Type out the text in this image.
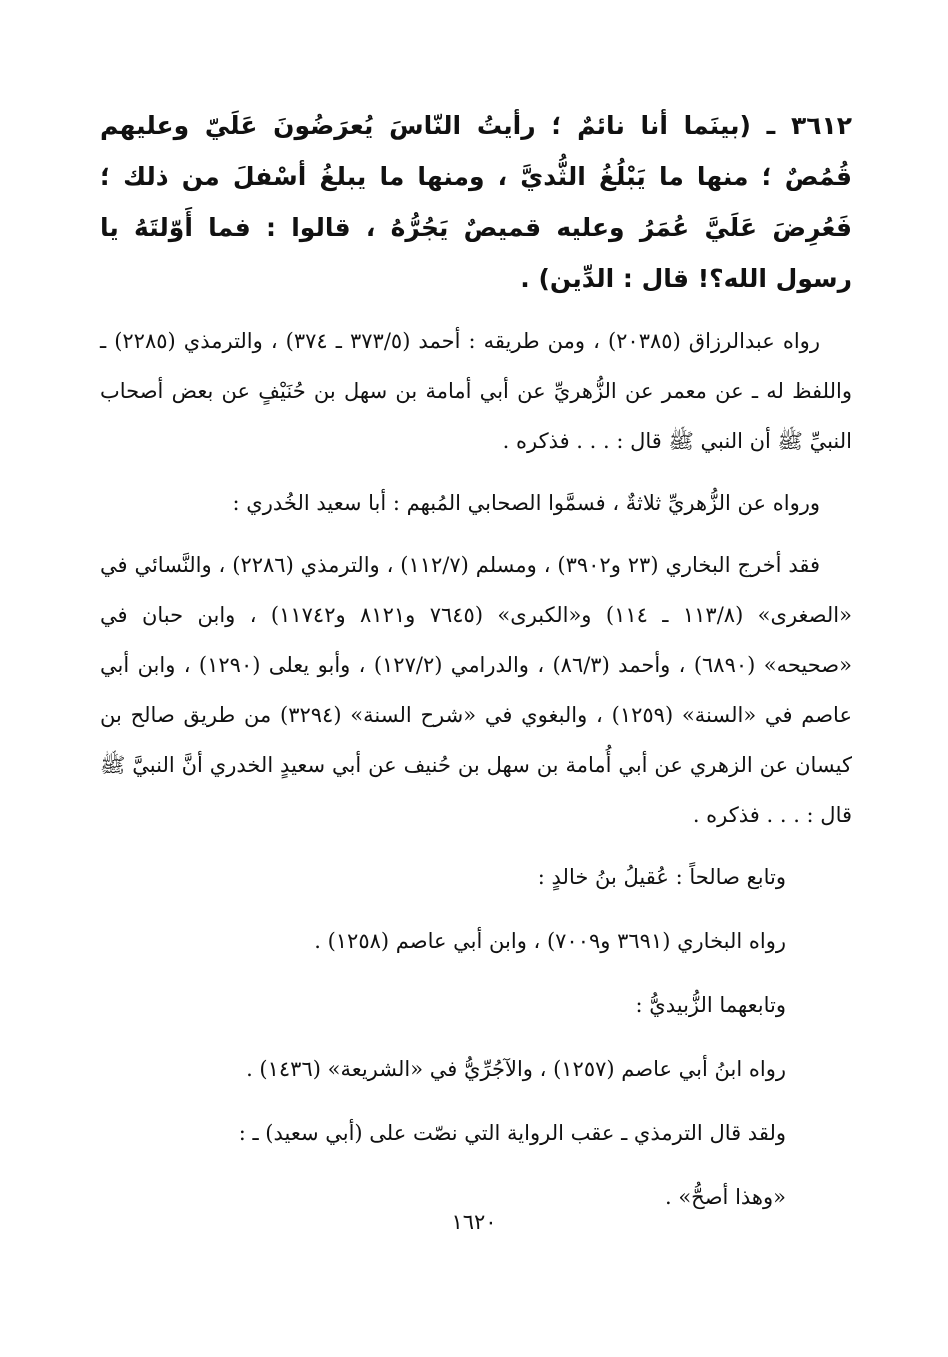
٣٦١٢ ـ (بينَما أنا نائمٌ ؛ رأيتُ النّاسَ يُعرَضُونَ عَلَيّ وعليهم قُمُصٌ ؛ منها ما يَبْلُغُ الثُّديَّ ، ومنها ما يبلغُ أسْفلَ من ذلك ؛ فَعُرِضَ عَلَيَّ عُمَرُ وعليه قميصٌ يَجُرُّهُ ، قالوا : فما أَوّلتَهُ يا رسول الله؟! قال : الدِّين) .

رواه عبدالرزاق (٢٠٣٨٥) ، ومن طريقه : أحمد (٣٧٣/٥ ـ ٣٧٤) ، والترمذي (٢٢٨٥) ـ واللفظ له ـ عن معمر عن الزُّهريِّ عن أبي أمامة بن سهل بن حُنَيْفٍ عن بعض أصحاب النبيِّ ﷺ أن النبي ﷺ قال : . . . فذكره .

ورواه عن الزُّهريِّ ثلاثةٌ ، فسمَّوا الصحابي المُبهم : أبا سعيد الخُدري :

فقد أخرج البخاري (٢٣ و٣٩٠٢) ، ومسلم (١١٢/٧) ، والترمذي (٢٢٨٦) ، والنَّسائي في «الصغرى» (١١٣/٨ ـ ١١٤) و«الكبرى» (٧٦٤٥ و٨١٢١ و١١٧٤٢) ، وابن حبان في «صحيحه» (٦٨٩٠) ، وأحمد (٨٦/٣) ، والدرامي (١٢٧/٢) ، وأبو يعلى (١٢٩٠) ، وابن أبي عاصم في «السنة» (١٢٥٩) ، والبغوي في «شرح السنة» (٣٢٩٤) من طريق صالح بن كيسان عن الزهري عن أبي أُمامة بن سهل بن حُنيف عن أبي سعيدٍ الخدري أنَّ النبيَّ ﷺ قال : . . . فذكره .

وتابع صالحاً : عُقيلُ بنُ خالدٍ :

رواه البخاري (٣٦٩١ و٧٠٠٩) ، وابن أبي عاصم (١٢٥٨) .

وتابعهما الزُّبيديُّ :

رواه ابنُ أبي عاصم (١٢٥٧) ، والآجُرِّيُّ في «الشريعة» (١٤٣٦) .

ولقد قال الترمذي ـ عقب الرواية التي نصّت على (أبي سعيد) ـ :

«وهذا أصحُّ» .

١٦٢٠
